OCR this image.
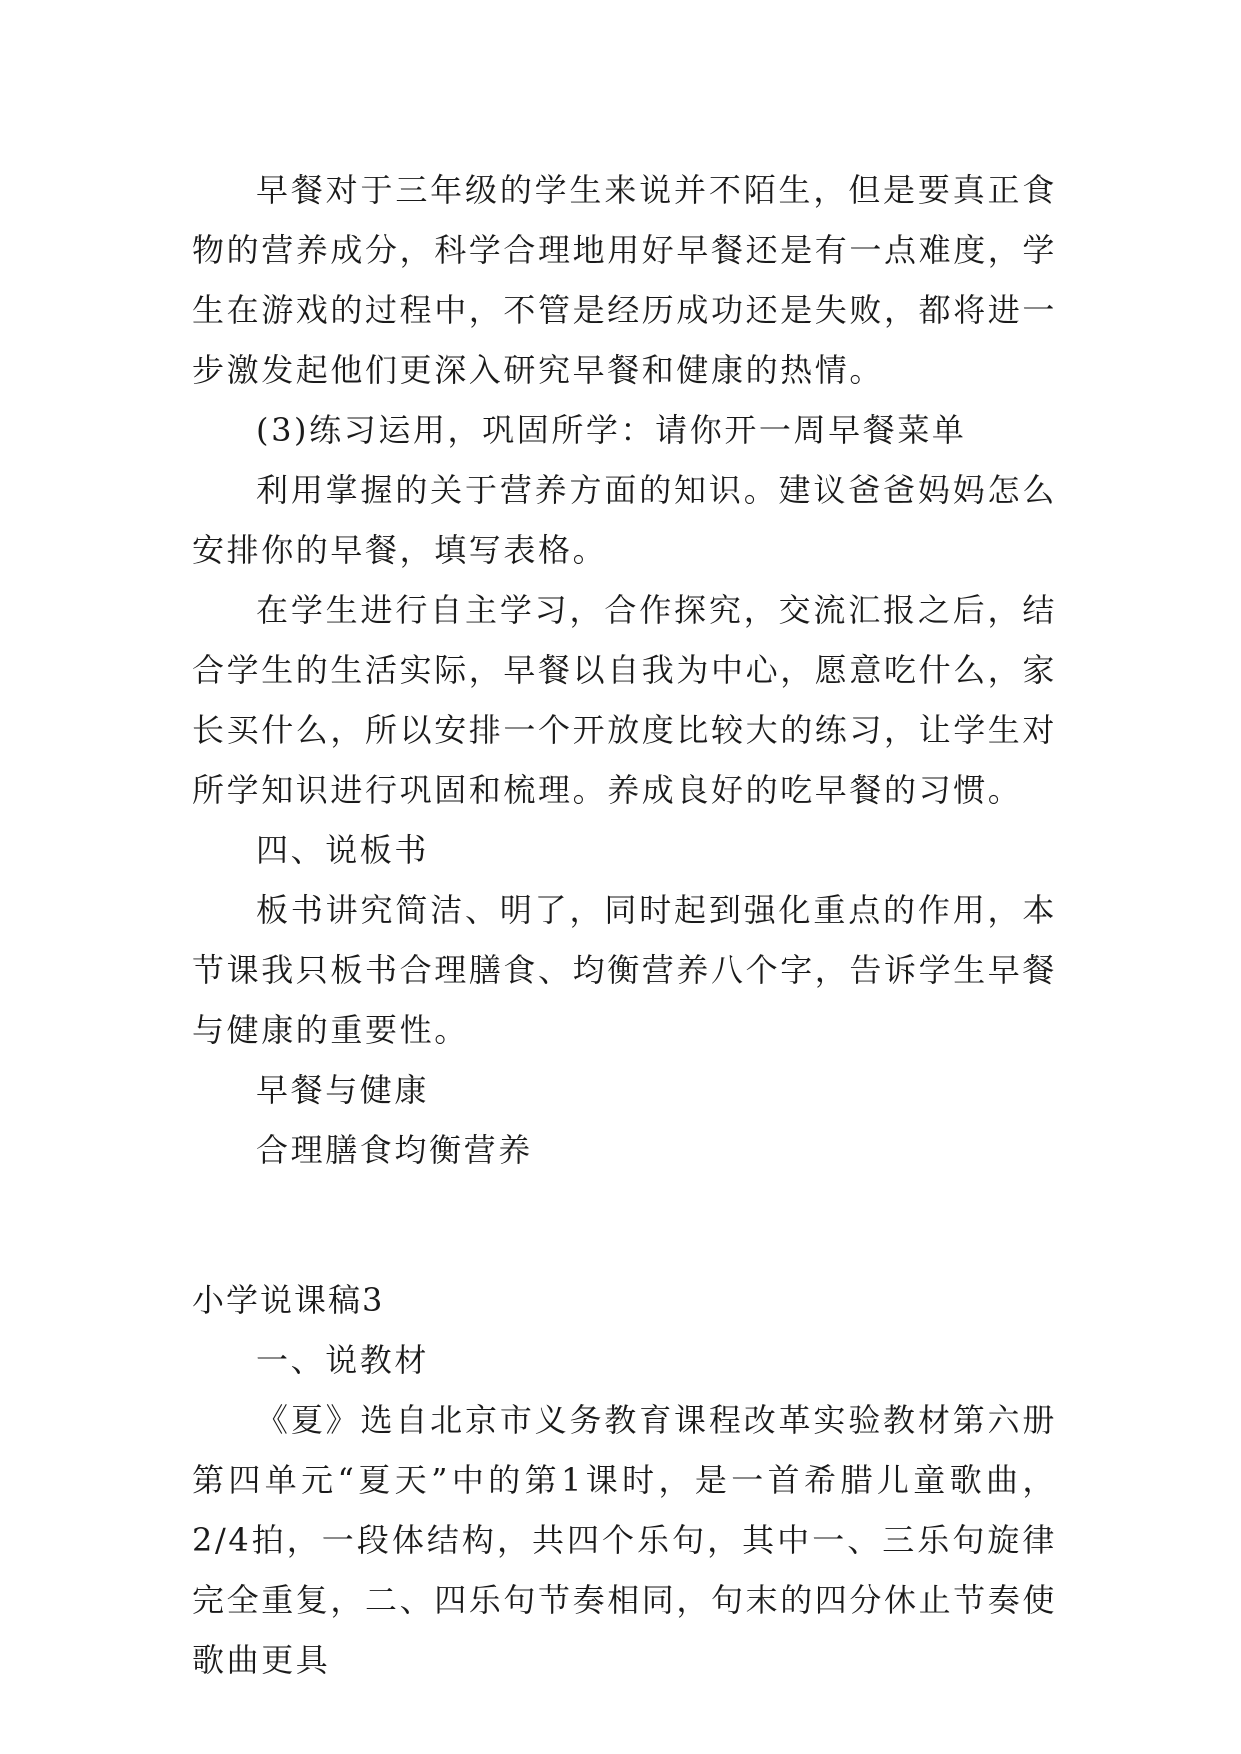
早餐对于三年级的学生来说并不陌生，但是要真正食物的营养成分，科学合理地用好早餐还是有一点难度，学生在游戏的过程中，不管是经历成功还是失败，都将进一步激发起他们更深入研究早餐和健康的热情。

(3)练习运用，巩固所学：请你开一周早餐菜单

利用掌握的关于营养方面的知识。建议爸爸妈妈怎么安排你的早餐，填写表格。

在学生进行自主学习，合作探究，交流汇报之后，结合学生的生活实际，早餐以自我为中心，愿意吃什么，家长买什么，所以安排一个开放度比较大的练习，让学生对所学知识进行巩固和梳理。养成良好的吃早餐的习惯。

四、说板书

板书讲究简洁、明了，同时起到强化重点的作用，本节课我只板书合理膳食、均衡营养八个字，告诉学生早餐与健康的重要性。

早餐与健康

合理膳食均衡营养

小学说课稿3

一、说教材

《夏》选自北京市义务教育课程改革实验教材第六册第四单元“夏天”中的第1课时，是一首希腊儿童歌曲，2/4拍，一段体结构，共四个乐句，其中一、三乐句旋律完全重复，二、四乐句节奏相同，句末的四分休止节奏使歌曲更具
